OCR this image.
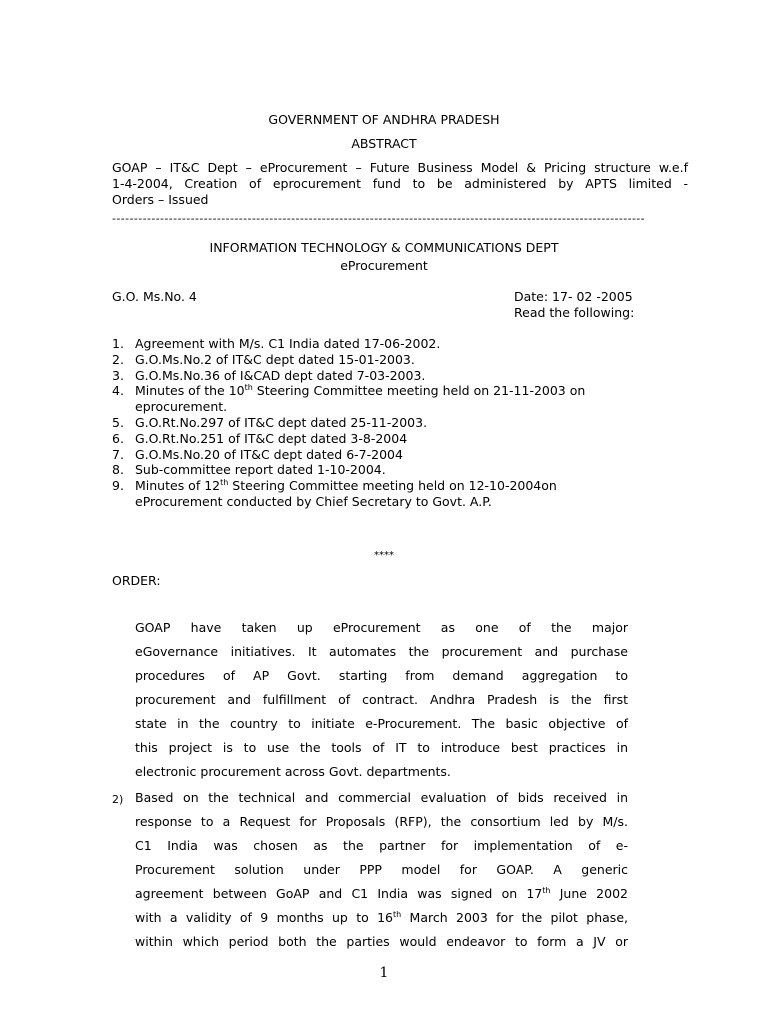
GOVERNMENT OF ANDHRA PRADESH
ABSTRACT
GOAP – IT&C Dept – eProcurement – Future Business Model & Pricing structure w.e.f
1-4-2004, Creation of eprocurement fund to be administered by APTS limited -
Orders – Issued
--------------------------------------------------------------------------------------------------------------------------
INFORMATION TECHNOLOGY & COMMUNICATIONS DEPT
eProcurement
G.O. Ms.No. 4	Date: 17- 02 -2005
Read the following:
1. Agreement with M/s. C1 India dated 17-06-2002.
2. G.O.Ms.No.2 of IT&C dept dated 15-01-2003.
3. G.O.Ms.No.36 of I&CAD dept dated 7-03-2003.
4. Minutes of the 10th Steering Committee meeting held on 21-11-2003 on
eprocurement.
5. G.O.Rt.No.297 of IT&C dept dated 25-11-2003.
6. G.O.Rt.No.251 of IT&C dept dated 3-8-2004
7. G.O.Ms.No.20 of IT&C dept dated 6-7-2004
8. Sub-committee report dated 1-10-2004.
9. Minutes of 12th Steering Committee meeting held on 12-10-2004on
eProcurement conducted by Chief Secretary to Govt. A.P.
****
ORDER:
GOAP have taken up eProcurement as one of the major
eGovernance initiatives. It automates the procurement and purchase
procedures of AP Govt. starting from demand aggregation to
procurement and fulfillment of contract. Andhra Pradesh is the first
state in the country to initiate e-Procurement. The basic objective of
this project is to use the tools of IT to introduce best practices in
electronic procurement across Govt. departments.
2) Based on the technical and commercial evaluation of bids received in
response to a Request for Proposals (RFP), the consortium led by M/s.
C1 India was chosen as the partner for implementation of e-
Procurement solution under PPP model for GOAP. A generic
agreement between GoAP and C1 India was signed on 17th June 2002
with a validity of 9 months up to 16th March 2003 for the pilot phase,
within which period both the parties would endeavor to form a JV or
1
